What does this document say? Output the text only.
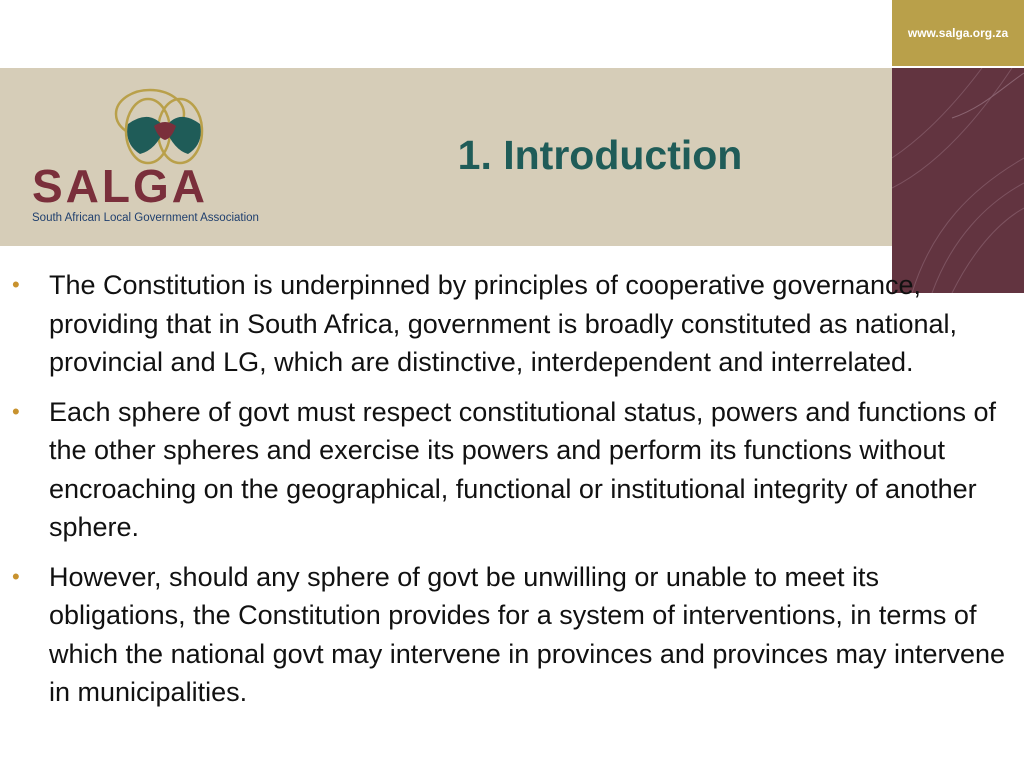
www.salga.org.za
SALGA
South African Local Government Association
1. Introduction
• The Constitution is underpinned by principles of cooperative governance, providing that in South Africa, government is broadly constituted as national, provincial and LG, which are distinctive, interdependent and interrelated.
• Each sphere of govt must respect constitutional status, powers and functions of the other spheres and exercise its powers and perform its functions without encroaching on the geographical, functional or institutional integrity of another sphere.
• However, should any sphere of govt be unwilling or unable to meet its obligations, the Constitution provides for a system of interventions, in terms of which the national govt may intervene in provinces and provinces may intervene in municipalities.
